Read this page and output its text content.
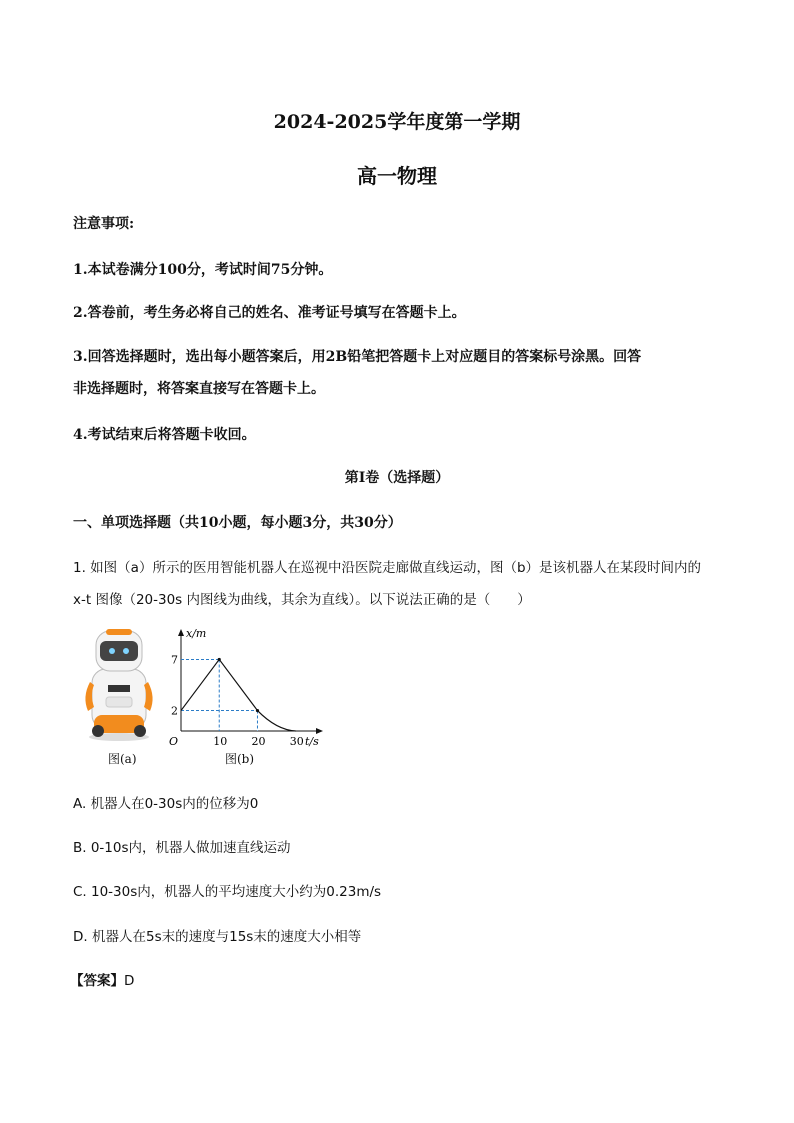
2024-2025学年度第一学期
高一物理
注意事项:
1.本试卷满分100分，考试时间75分钟。
2.答卷前，考生务必将自己的姓名、准考证号填写在答题卡上。
3.回答选择题时，选出每小题答案后，用2B铅笔把答题卡上对应题目的答案标号涂黑。回答
非选择题时，将答案直接写在答题卡上。
4.考试结束后将答题卡收回。
第I卷（选择题）
一、单项选择题（共10小题，每小题3分，共30分）
1. 如图（a）所示的医用智能机器人在巡视中沿医院走廊做直线运动，图（b）是该机器人在某段时间内的
x-t 图像（20-30s 内图线为曲线，其余为直线）。以下说法正确的是（　　）
图(a)
x/m
t/s
O	10 20 30
7
2
图(b)
A. 机器人在0-30s内的位移为0
B. 0-10s内，机器人做加速直线运动
C. 10-30s内，机器人的平均速度大小约为0.23m/s
D. 机器人在5s末的速度与15s末的速度大小相等
【答案】D
